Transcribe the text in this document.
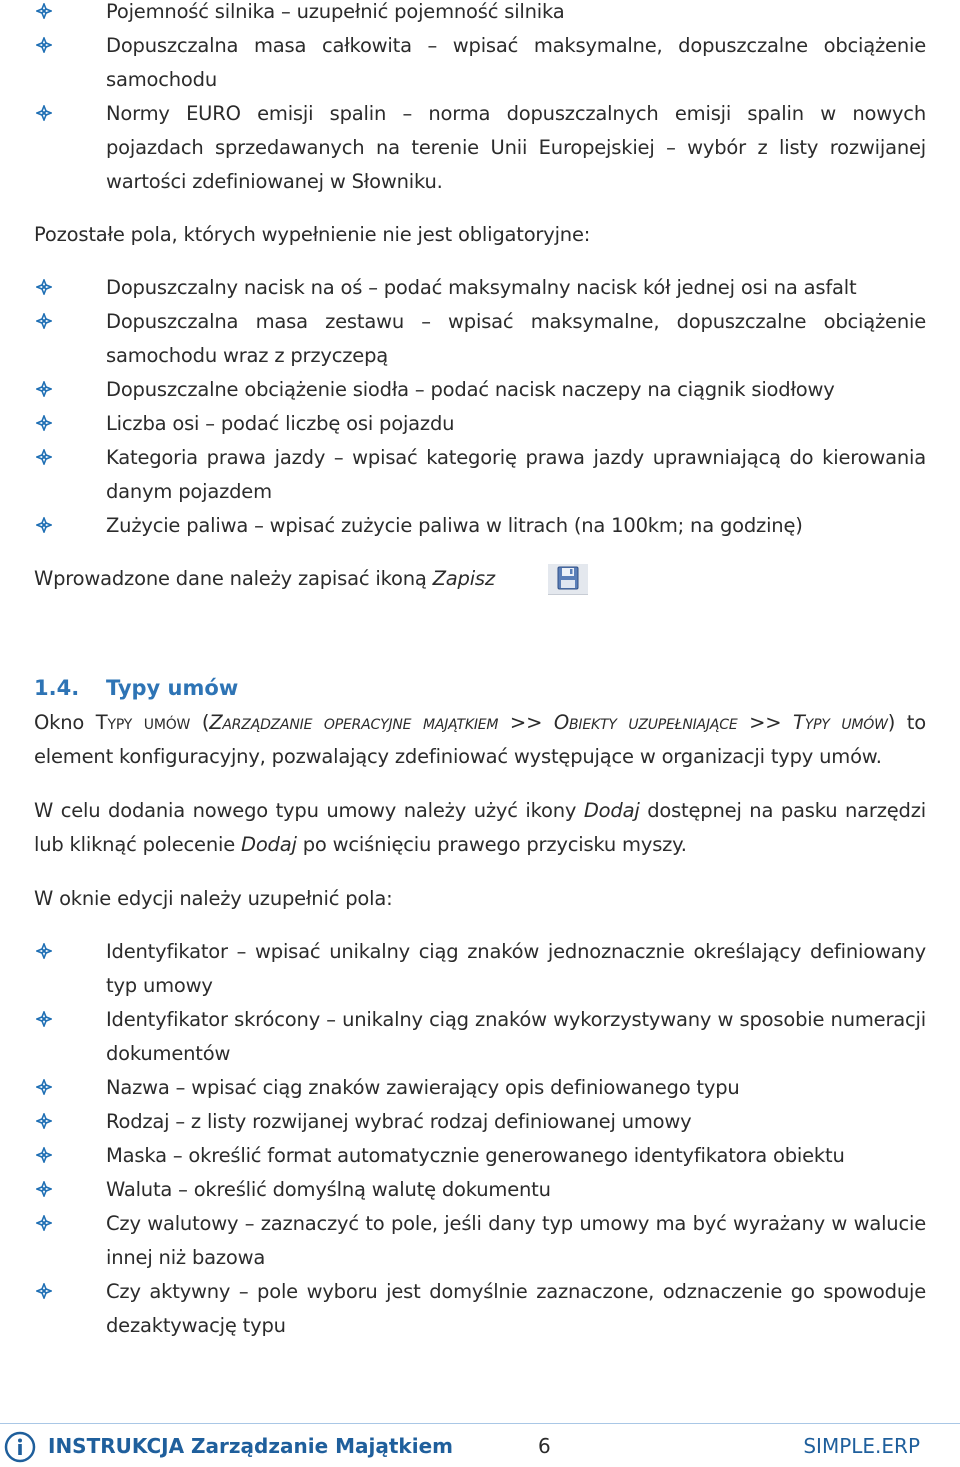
Pojemność silnika – uzupełnić pojemność silnika
Dopuszczalna masa całkowita – wpisać maksymalne, dopuszczalne obciążenie samochodu
Normy EURO emisji spalin – norma dopuszczalnych emisji spalin w nowych pojazdach sprzedawanych na terenie Unii Europejskiej – wybór z listy rozwijanej wartości zdefiniowanej w Słowniku.

Pozostałe pola, których wypełnienie nie jest obligatoryjne:

Dopuszczalny nacisk na oś – podać maksymalny nacisk kół jednej osi na asfalt
Dopuszczalna masa zestawu – wpisać maksymalne, dopuszczalne obciążenie samochodu wraz z przyczepą
Dopuszczalne obciążenie siodła – podać nacisk naczepy na ciągnik siodłowy
Liczba osi – podać liczbę osi pojazdu
Kategoria prawa jazdy – wpisać kategorię prawa jazdy uprawniającą do kierowania danym pojazdem
Zużycie paliwa – wpisać zużycie paliwa w litrach (na 100km; na godzinę)

Wprowadzone dane należy zapisać ikoną Zapisz

1.4. Typy umów

Okno Typy umów (Zarządzanie operacyjne majątkiem >> Obiekty uzupełniające >> Typy umów) to element konfiguracyjny, pozwalający zdefiniować występujące w organizacji typy umów.

W celu dodania nowego typu umowy należy użyć ikony Dodaj dostępnej na pasku narzędzi lub kliknąć polecenie Dodaj po wciśnięciu prawego przycisku myszy.

W oknie edycji należy uzupełnić pola:

Identyfikator – wpisać unikalny ciąg znaków jednoznacznie określający definiowany typ umowy
Identyfikator skrócony – unikalny ciąg znaków wykorzystywany w sposobie numeracji dokumentów
Nazwa – wpisać ciąg znaków zawierający opis definiowanego typu
Rodzaj – z listy rozwijanej wybrać rodzaj definiowanej umowy
Maska – określić format automatycznie generowanego identyfikatora obiektu
Waluta – określić domyślną walutę dokumentu
Czy walutowy – zaznaczyć to pole, jeśli dany typ umowy ma być wyrażany w walucie innej niż bazowa
Czy aktywny – pole wyboru jest domyślnie zaznaczone, odznaczenie go spowoduje dezaktywację typu
INSTRUKCJA Zarządzanie Majątkiem	6	SIMPLE.ERP
